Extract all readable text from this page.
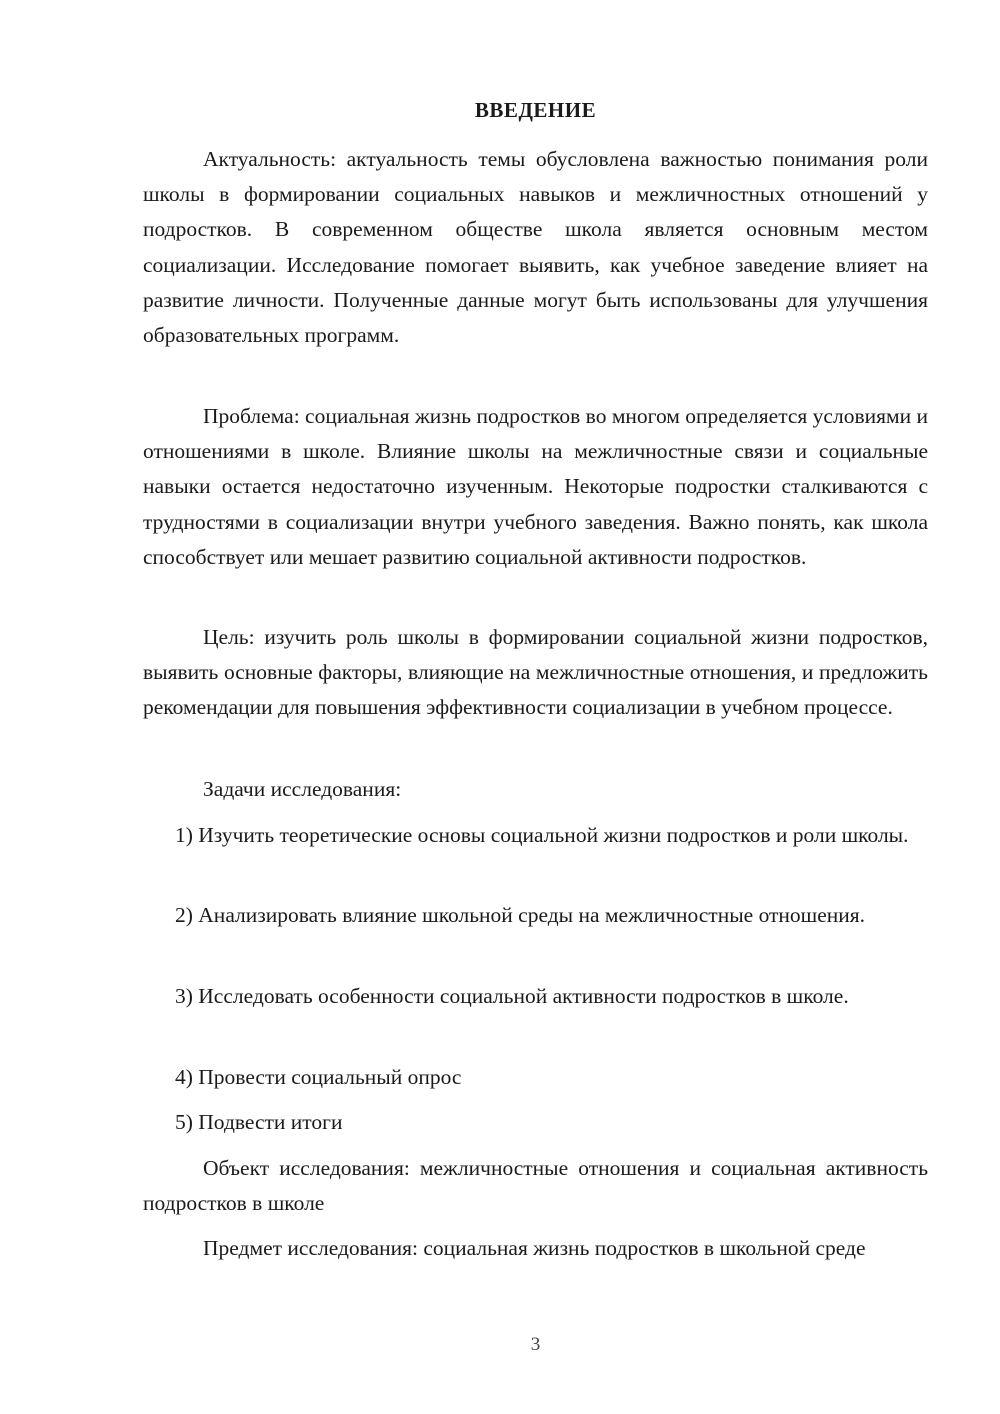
ВВЕДЕНИЕ

Актуальность: актуальность темы обусловлена важностью понимания роли школы в формировании социальных навыков и межличностных отношений у подростков. В современном обществе школа является основным местом социализации. Исследование помогает выявить, как учебное заведение влияет на развитие личности. Полученные данные могут быть использованы для улучшения образовательных программ.

Проблема: социальная жизнь подростков во многом определяется условиями и отношениями в школе. Влияние школы на межличностные связи и социальные навыки остается недостаточно изученным. Некоторые подростки сталкиваются с трудностями в социализации внутри учебного заведения. Важно понять, как школа способствует или мешает развитию социальной активности подростков.

Цель: изучить роль школы в формировании социальной жизни подростков, выявить основные факторы, влияющие на межличностные отношения, и предложить рекомендации для повышения эффективности социализации в учебном процессе.

Задачи исследования:

1) Изучить теоретические основы социальной жизни подростков и роли школы.

2) Анализировать влияние школьной среды на межличностные отношения.

3) Исследовать особенности социальной активности подростков в школе.

4) Провести социальный опрос

5) Подвести итоги

Объект исследования: межличностные отношения и социальная активность подростков в школе

Предмет исследования: социальная жизнь подростков в школьной среде

3
